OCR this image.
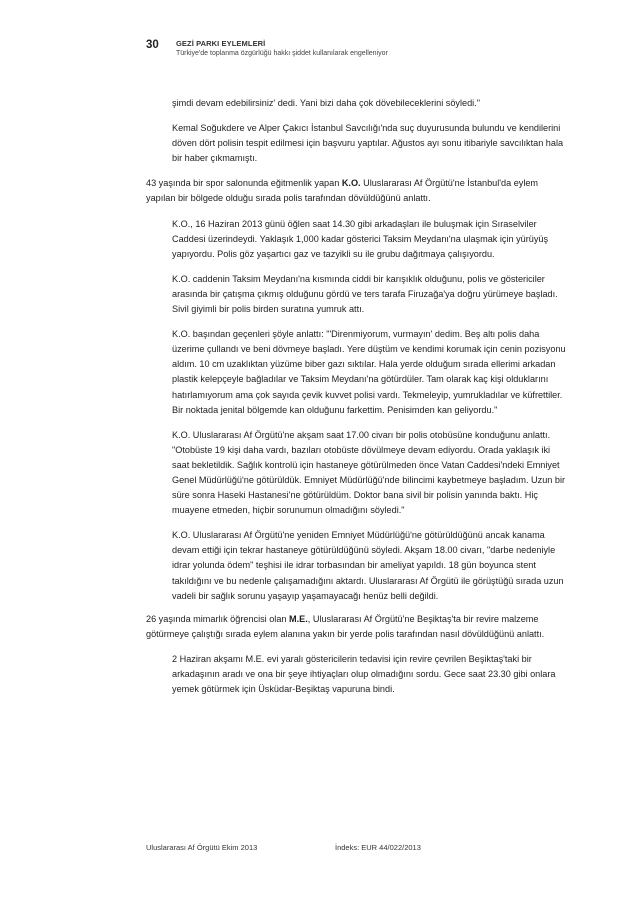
30 GEZİ PARKI EYLEMLERİ
Türkiye'de toplanma özgürlüğü hakkı şiddet kullanılarak engelleniyor

şimdi devam edebilirsiniz' dedi. Yani bizi daha çok dövebileceklerini söyledi."

Kemal Soğukdere ve Alper Çakıcı İstanbul Savcılığı'nda suç duyurusunda bulundu ve kendilerini döven dört polisin tespit edilmesi için başvuru yaptılar. Ağustos ayı sonu itibariyle savcılıktan hala bir haber çıkmamıştı.

43 yaşında bir spor salonunda eğitmenlik yapan K.O. Uluslararası Af Örgütü'ne İstanbul'da eylem yapılan bir bölgede olduğu sırada polis tarafından dövüldüğünü anlattı.

K.O., 16 Haziran 2013 günü öğlen saat 14.30 gibi arkadaşları ile buluşmak için Sıraselviler Caddesi üzerindeydi. Yaklaşık 1,000 kadar gösterici Taksim Meydanı'na ulaşmak için yürüyüş yapıyordu. Polis göz yaşartıcı gaz ve tazyikli su ile grubu dağıtmaya çalışıyordu.

K.O. caddenin Taksim Meydanı'na kısmında ciddi bir karışıklık olduğunu, polis ve göstericiler arasında bir çatışma çıkmış olduğunu gördü ve ters tarafa Firuzağa'ya doğru yürümeye başladı. Sivil giyimli bir polis birden suratına yumruk attı.

K.O. başından geçenleri şöyle anlattı: "'Direnmiyorum, vurmayın' dedim. Beş altı polis daha üzerime çullandı ve beni dövmeye başladı. Yere düştüm ve kendimi korumak için cenin pozisyonu aldım. 10 cm uzaklıktan yüzüme biber gazı sıktılar. Hala yerde olduğum sırada ellerimi arkadan plastik kelepçeyle bağladılar ve Taksim Meydanı'na götürdüler. Tam olarak kaç kişi olduklarını hatırlamıyorum ama çok sayıda çevik kuvvet polisi vardı. Tekmeleyip, yumrukladılar ve küfrettiler. Bir noktada jenital bölgemde kan olduğunu farkettim. Penisimden kan geliyordu."

K.O. Uluslararası Af Örgütü'ne akşam saat 17.00 civarı bir polis otobüsüne konduğunu anlattı. "Otobüste 19 kişi daha vardı, bazıları otobüste dövülmeye devam ediyordu. Orada yaklaşık iki saat bekletildik. Sağlık kontrolü için hastaneye götürülmeden önce Vatan Caddesi'ndeki Emniyet Genel Müdürlüğü'ne götürüldük. Emniyet Müdürlüğü'nde bilincimi kaybetmeye başladım. Uzun bir süre sonra Haseki Hastanesi'ne götürüldüm. Doktor bana sivil bir polisin yanında baktı. Hiç muayene etmeden, hiçbir sorunumun olmadığını söyledi."

K.O. Uluslararası Af Örgütü'ne yeniden Emniyet Müdürlüğü'ne götürüldüğünü ancak kanama devam ettiği için tekrar hastaneye götürüldüğünü söyledi. Akşam 18.00 civarı, "darbe nedeniyle idrar yolunda ödem" teşhisi ile idrar torbasından bir ameliyat yapıldı. 18 gün boyunca stent takıldığını ve bu nedenle çalışamadığını aktardı. Uluslararası Af Örgütü ile görüştüğü sırada uzun vadeli bir sağlık sorunu yaşayıp yaşamayacağı henüz belli değildi.

26 yaşında mimarlık öğrencisi olan M.E., Uluslararası Af Örgütü'ne Beşiktaş'ta bir revire malzeme götürmeye çalıştığı sırada eylem alanına yakın bir yerde polis tarafından nasıl dövüldüğünü anlattı.

2 Haziran akşamı M.E. evi yaralı göstericilerin tedavisi için revire çevrilen Beşiktaş'taki bir arkadaşının aradı ve ona bir şeye ihtiyaçları olup olmadığını sordu. Gece saat 23.30 gibi onlara yemek götürmek için Üsküdar-Beşiktaş vapuruna bindi.

Uluslararası Af Örgütü Ekim 2013	İndeks: EUR 44/022/2013
